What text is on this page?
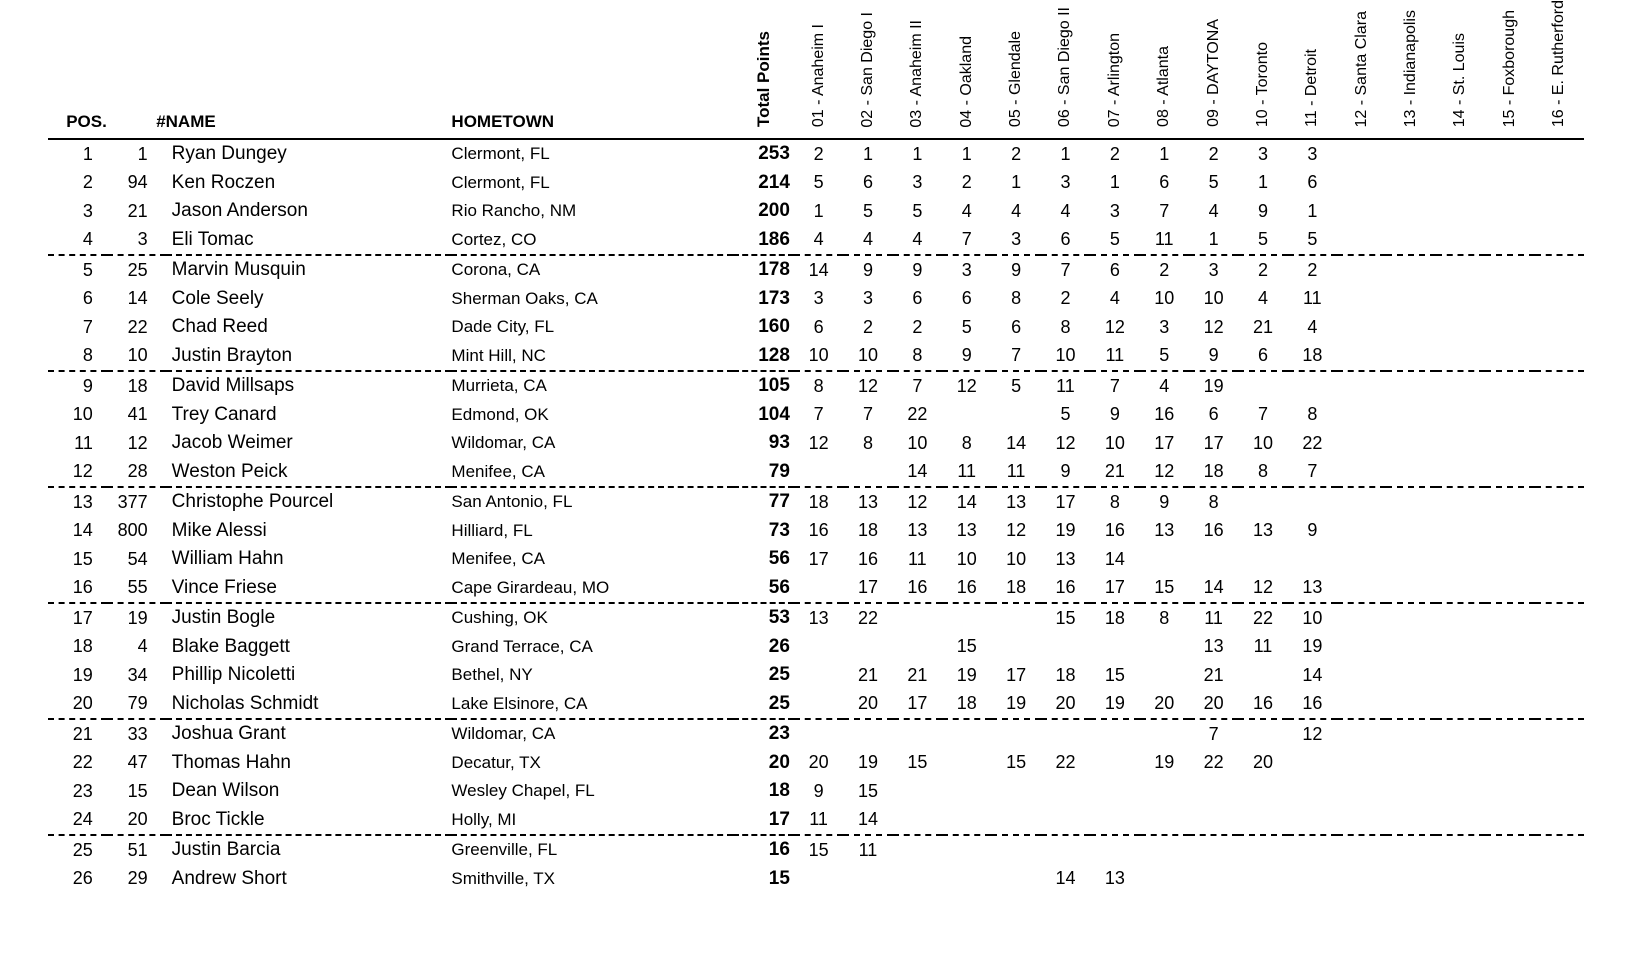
POS.	#	NAME	HOMETOWN	Total Points	01 - Anaheim I	02 - San Diego I	03 - Anaheim II	04 - Oakland	05 - Glendale	06 - San Diego II	07 - Arlington	08 - Atlanta	09 - DAYTONA	10 - Toronto	11 - Detroit	12 - Santa Clara	13 - Indianapolis	14 - St. Louis	15 - Foxborough	16 - E. Rutherford
1	1	Ryan Dungey	Clermont, FL	253	2	1	1	1	2	1	2	1	2	3	3					
2	94	Ken Roczen	Clermont, FL	214	5	6	3	2	1	3	1	6	5	1	6					
3	21	Jason Anderson	Rio Rancho, NM	200	1	5	5	4	4	4	3	7	4	9	1					
4	3	Eli Tomac	Cortez, CO	186	4	4	4	7	3	6	5	11	1	5	5					
5	25	Marvin Musquin	Corona, CA	178	14	9	9	3	9	7	6	2	3	2	2					
6	14	Cole Seely	Sherman Oaks, CA	173	3	3	6	6	8	2	4	10	10	4	11					
7	22	Chad Reed	Dade City, FL	160	6	2	2	5	6	8	12	3	12	21	4					
8	10	Justin Brayton	Mint Hill, NC	128	10	10	8	9	7	10	11	5	9	6	18					
9	18	David Millsaps	Murrieta, CA	105	8	12	7	12	5	11	7	4	19							
10	41	Trey Canard	Edmond, OK	104	7	7	22			5	9	16	6	7	8					
11	12	Jacob Weimer	Wildomar, CA	93	12	8	10	8	14	12	10	17	17	10	22					
12	28	Weston Peick	Menifee, CA	79			14	11	11	9	21	12	18	8	7					
13	377	Christophe Pourcel	San Antonio, FL	77	18	13	12	14	13	17	8	9	8							
14	800	Mike Alessi	Hilliard, FL	73	16	18	13	13	12	19	16	13	16	13	9					
15	54	William Hahn	Menifee, CA	56	17	16	11	10	10	13	14									
16	55	Vince Friese	Cape Girardeau, MO	56		17	16	16	18	16	17	15	14	12	13					
17	19	Justin Bogle	Cushing, OK	53	13	22				15	18	8	11	22	10					
18	4	Blake Baggett	Grand Terrace, CA	26				15					13	11	19					
19	34	Phillip Nicoletti	Bethel, NY	25		21	21	19	17	18	15		21		14					
20	79	Nicholas Schmidt	Lake Elsinore, CA	25		20	17	18	19	20	19	20	20	16	16					
21	33	Joshua Grant	Wildomar, CA	23									7		12					
22	47	Thomas Hahn	Decatur, TX	20	20	19	15		15	22		19	22	20						
23	15	Dean Wilson	Wesley Chapel, FL	18	9	15														
24	20	Broc Tickle	Holly, MI	17	11	14														
25	51	Justin Barcia	Greenville, FL	16	15	11														
26	29	Andrew Short	Smithville, TX	15						14	13									
